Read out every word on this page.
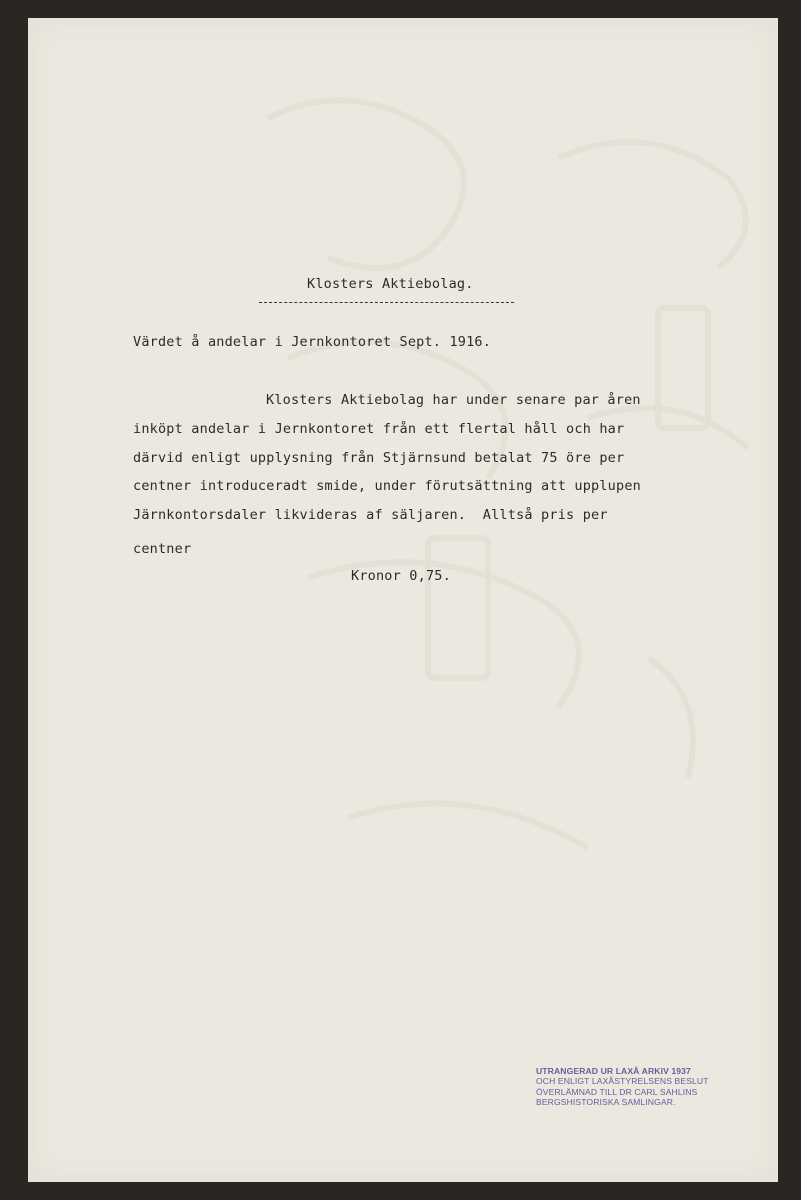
Klosters Aktiebolag.
Värdet å andelar i Jernkontoret Sept. 1916.
Klosters Aktiebolag har under senare par åren
inköpt andelar i Jernkontoret från ett flertal håll och har
därvid enligt upplysning från Stjärnsund betalat 75 öre per
centner introduceradt smide, under förutsättning att upplupen
Järnkontorsdaler likvideras af säljaren.  Alltså pris per
centner
Kronor 0,75.
UTRANGERAD UR LAXÅ ARKIV 1937
OCH ENLIGT LAXÅSTYRELSENS BESLUT
ÖVERLÄMNAD TILL DR CARL SAHLINS
BERGSHISTORISKA SAMLINGAR.
